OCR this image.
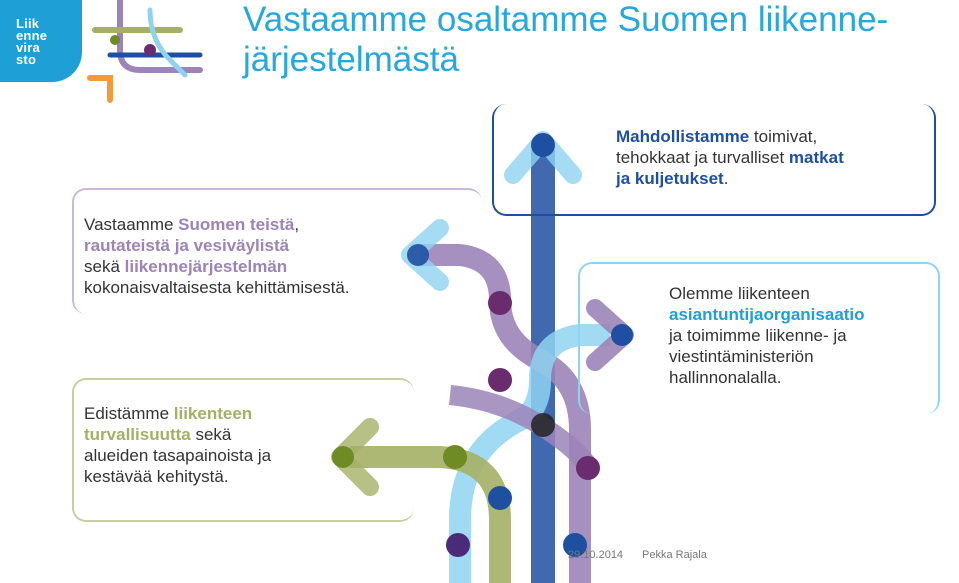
Liik
enne
vira
sto
Vastaamme osaltamme Suomen liikenne-järjestelmästä
Vastaamme Suomen teistä,
rautateistä ja vesiväylistä
sekä liikennejärjestelmän
kokonaisvaltaisesta kehittämisestä.
Edistämme liikenteen
turvallisuutta sekä
alueiden tasapainoista ja
kestävää kehitystä.
Mahdollistamme toimivat,
tehokkaat ja turvalliset matkat
ja kuljetukset.
Olemme liikenteen
asiantuntijaorganisaatio
ja toimimme liikenne- ja
viestintäministeriön
hallinnonalalla.
29.10.2014 Pekka Rajala
